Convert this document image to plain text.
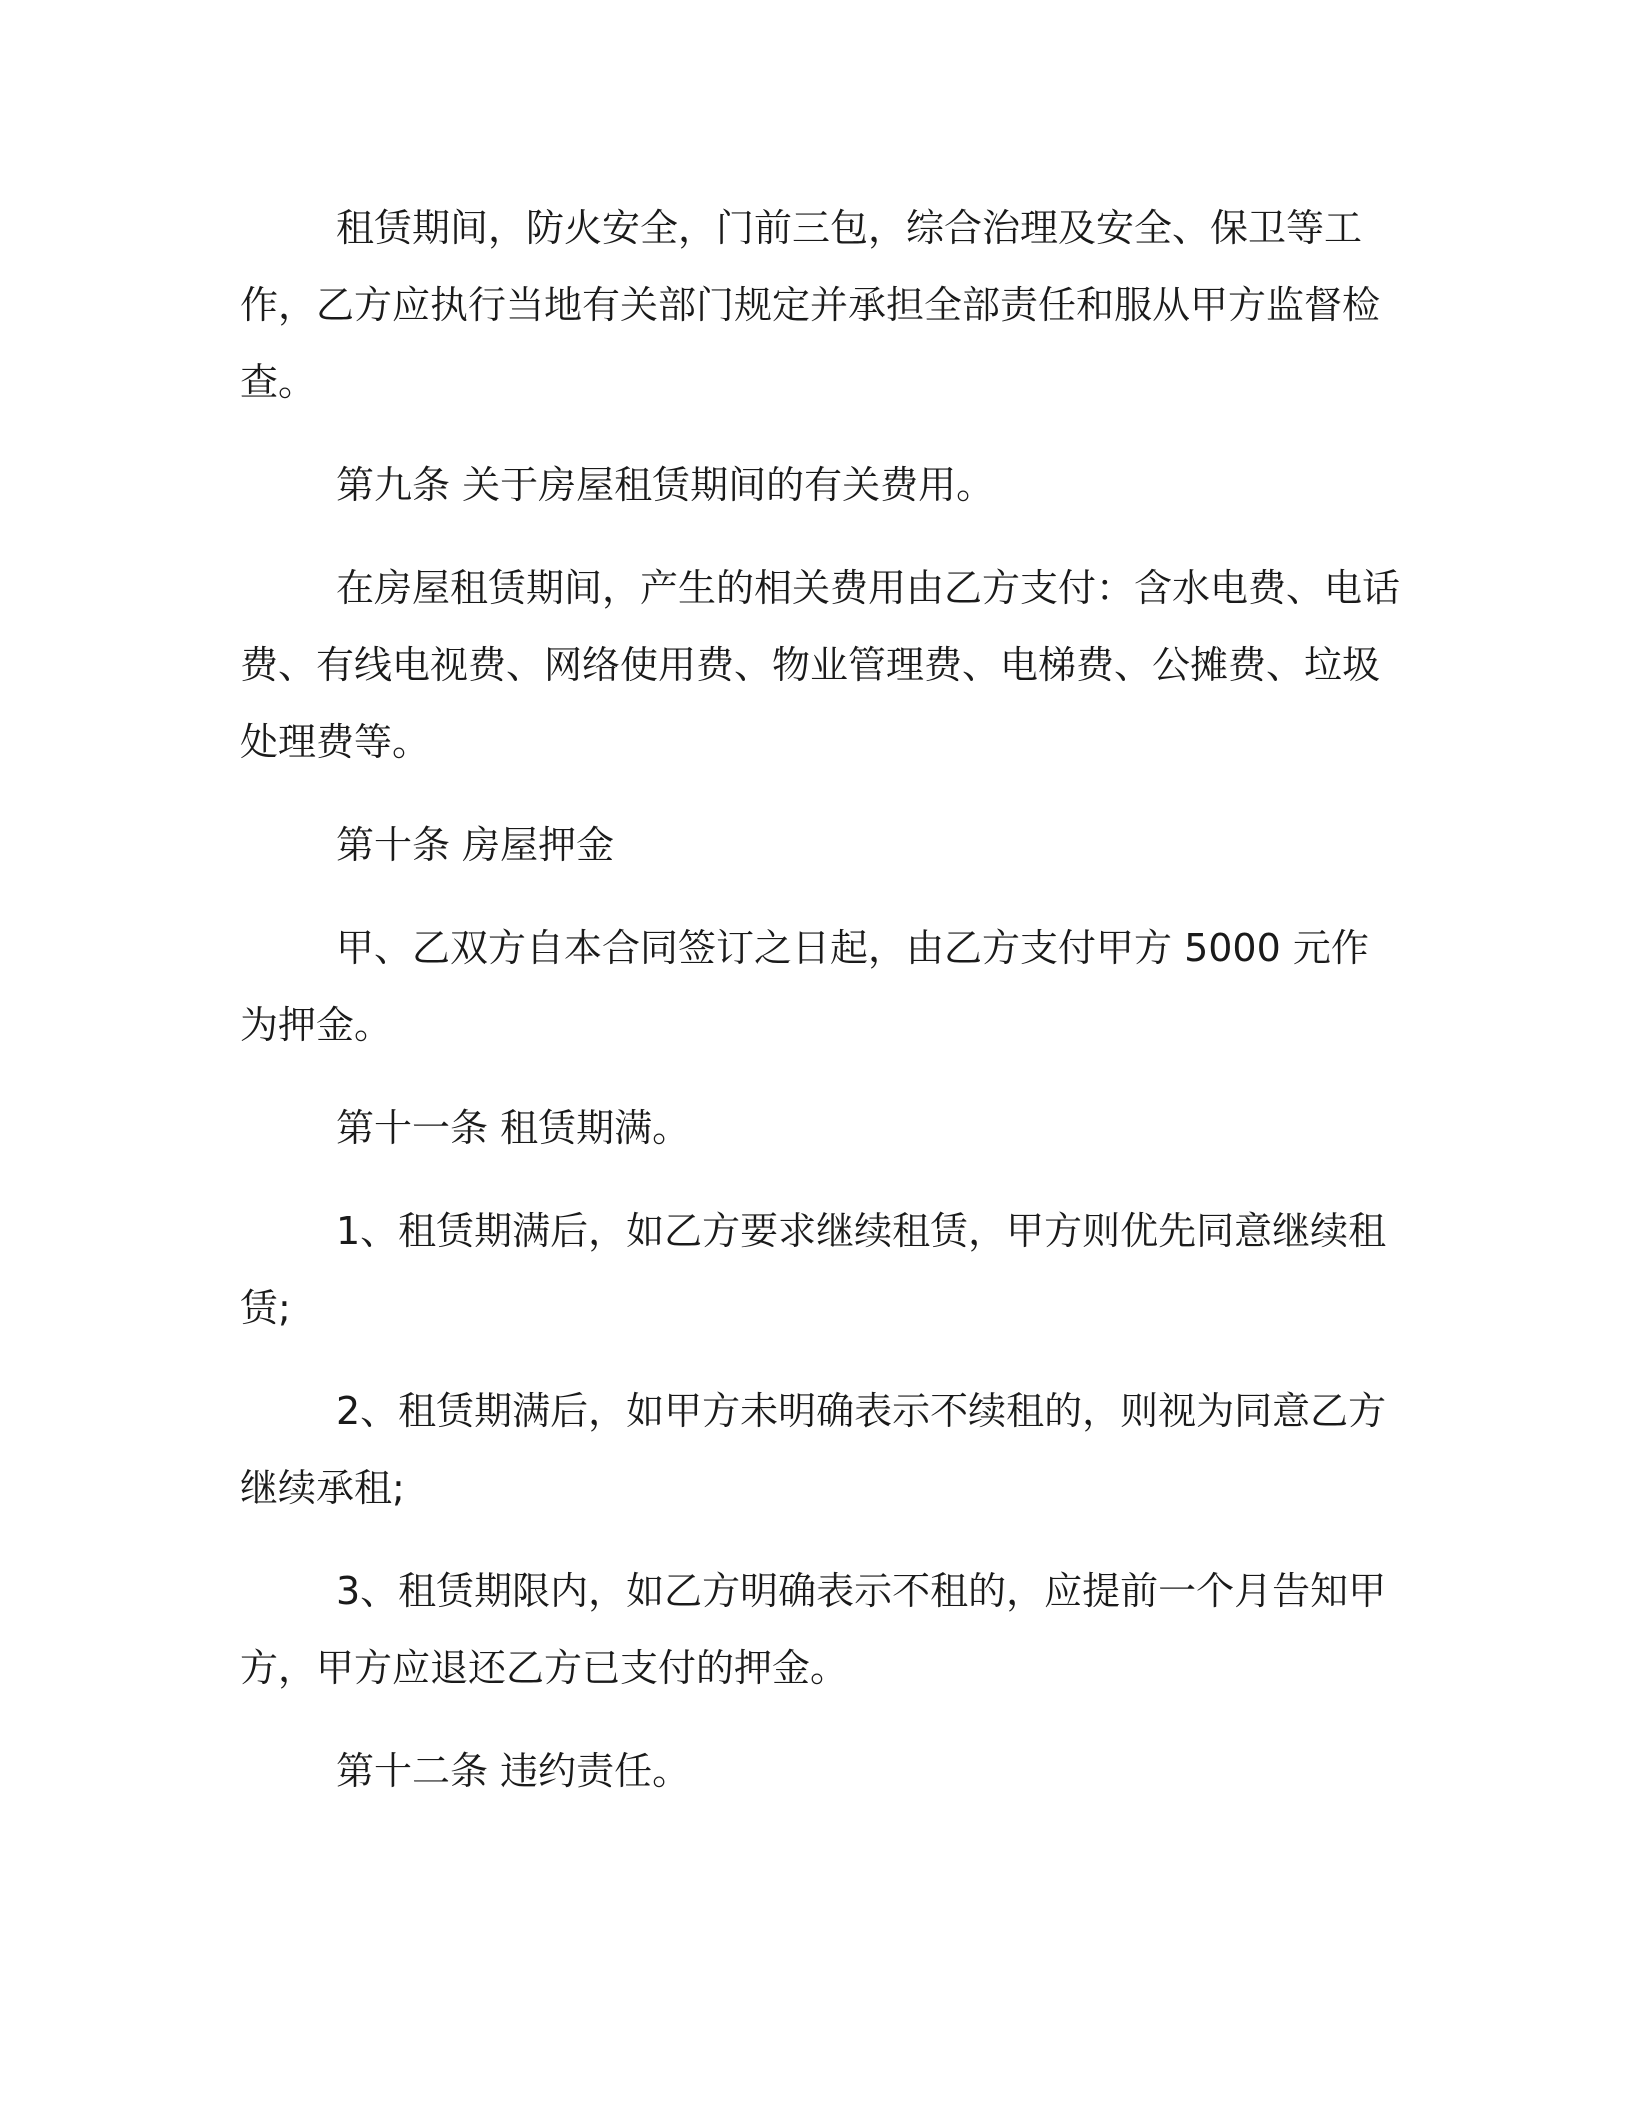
租赁期间，防火安全，门前三包，综合治理及安全、保卫等工作，乙方应执行当地有关部门规定并承担全部责任和服从甲方监督检查。

第九条 关于房屋租赁期间的有关费用。

在房屋租赁期间，产生的相关费用由乙方支付：含水电费、电话费、有线电视费、网络使用费、物业管理费、电梯费、公摊费、垃圾处理费等。

第十条 房屋押金

甲、乙双方自本合同签订之日起，由乙方支付甲方 5000 元作为押金。

第十一条 租赁期满。

1、租赁期满后，如乙方要求继续租赁，甲方则优先同意继续租赁;

2、租赁期满后，如甲方未明确表示不续租的，则视为同意乙方继续承租;

3、租赁期限内，如乙方明确表示不租的，应提前一个月告知甲方，甲方应退还乙方已支付的押金。

第十二条 违约责任。
